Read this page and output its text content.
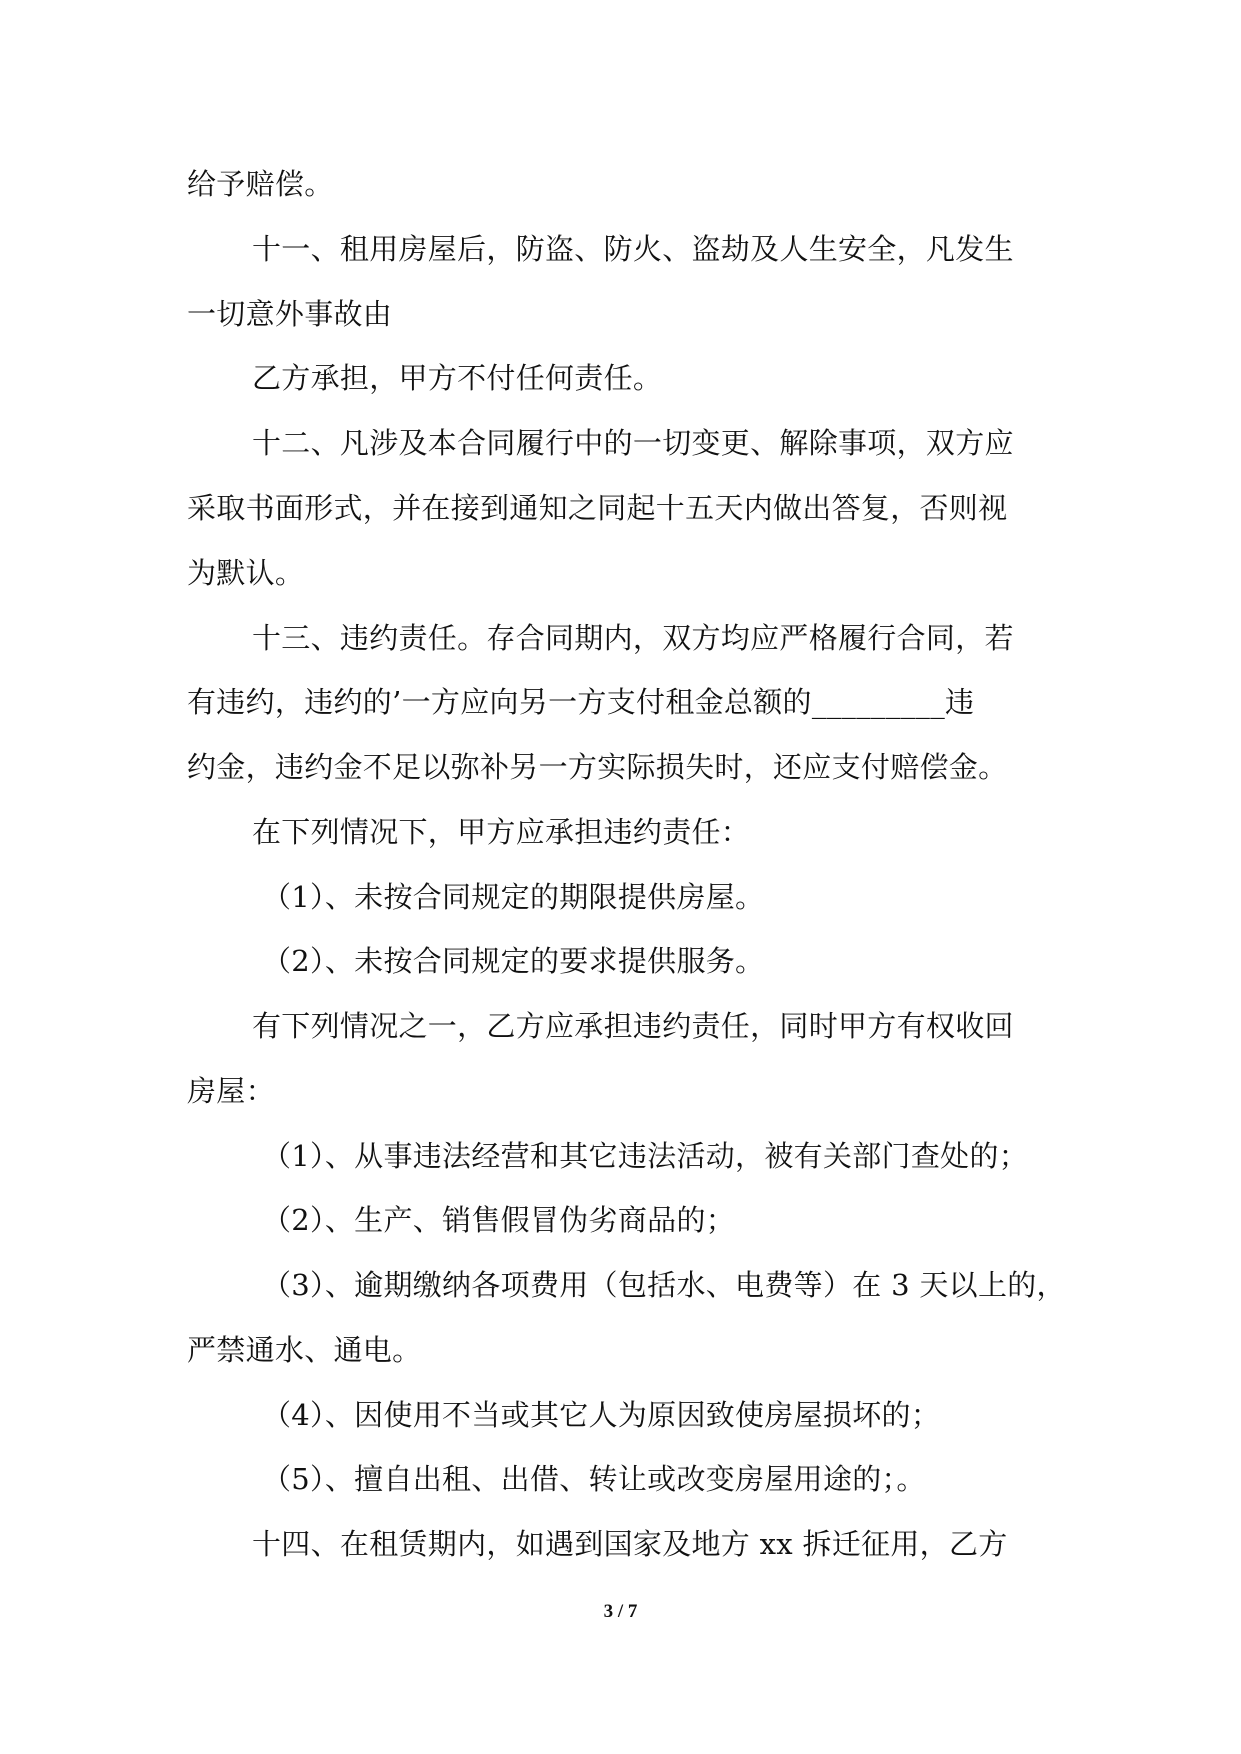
给予赔偿。
十一、租用房屋后，防盗、防火、盗劫及人生安全，凡发生
一切意外事故由
乙方承担，甲方不付任何责任。
十二、凡涉及本合同履行中的一切变更、解除事项，双方应
采取书面形式，并在接到通知之同起十五天内做出答复，否则视
为默认。
十三、违约责任。存合同期内，双方均应严格履行合同，若
有违约，违约的’一方应向另一方支付租金总额的_________违
约金，违约金不足以弥补另一方实际损失时，还应支付赔偿金。
在下列情况下，甲方应承担违约责任：
（1）、未按合同规定的期限提供房屋。
（2）、未按合同规定的要求提供服务。
有下列情况之一，乙方应承担违约责任，同时甲方有权收回
房屋：
（1）、从事违法经营和其它违法活动，被有关部门查处的；
（2）、生产、销售假冒伪劣商品的；
（3）、逾期缴纳各项费用（包括水、电费等）在 3 天以上的，
严禁通水、通电。
（4）、因使用不当或其它人为原因致使房屋损坏的；
（5）、擅自出租、出借、转让或改变房屋用途的；。
十四、在租赁期内，如遇到国家及地方 xx 拆迁征用，乙方
3 / 7
